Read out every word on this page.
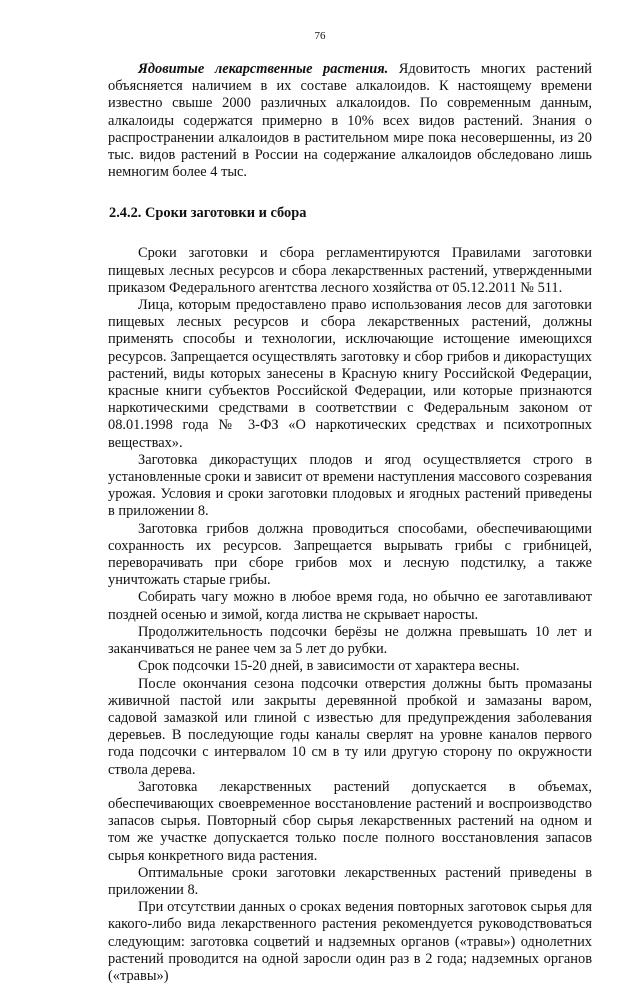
76

Ядовитые лекарственные растения. Ядовитость многих растений объясняется наличием в их составе алкалоидов. К настоящему времени известно свыше 2000 различных алкалоидов. По современным данным, алкалоиды содержатся примерно в 10% всех видов растений. Знания о распространении алкалоидов в растительном мире пока несовершенны, из 20 тыс. видов растений в России на содержание алкалоидов обследовано лишь немногим более 4 тыс.

2.4.2. Сроки заготовки и сбора

Сроки заготовки и сбора регламентируются Правилами заготовки пищевых лесных ресурсов и сбора лекарственных растений, утвержденными приказом Федерального агентства лесного хозяйства от 05.12.2011 № 511.

Лица, которым предоставлено право использования лесов для заготовки пищевых лесных ресурсов и сбора лекарственных растений, должны применять способы и технологии, исключающие истощение имеющихся ресурсов. Запрещается осуществлять заготовку и сбор грибов и дикорастущих растений, виды которых занесены в Красную книгу Российской Федерации, красные книги субъектов Российской Федерации, или которые признаются наркотическими средствами в соответствии с Федеральным законом от 08.01.1998 года № 3-ФЗ «О наркотических средствах и психотропных веществах».

Заготовка дикорастущих плодов и ягод осуществляется строго в установленные сроки и зависит от времени наступления массового созревания урожая. Условия и сроки заготовки плодовых и ягодных растений приведены в приложении 8.

Заготовка грибов должна проводиться способами, обеспечивающими сохранность их ресурсов. Запрещается вырывать грибы с грибницей, переворачивать при сборе грибов мох и лесную подстилку, а также уничтожать старые грибы.

Собирать чагу можно в любое время года, но обычно ее заготавливают поздней осенью и зимой, когда листва не скрывает наросты.

Продолжительность подсочки берёзы не должна превышать 10 лет и заканчиваться не ранее чем за 5 лет до рубки.

Срок подсочки 15-20 дней, в зависимости от характера весны.

После окончания сезона подсочки отверстия должны быть промазаны живичной пастой или закрыты деревянной пробкой и замазаны варом, садовой замазкой или глиной с известью для предупреждения заболевания деревьев. В последующие годы каналы сверлят на уровне каналов первого года подсочки с интервалом 10 см в ту или другую сторону по окружности ствола дерева.

Заготовка лекарственных растений допускается в объемах, обеспечивающих своевременное восстановление растений и воспроизводство запасов сырья. Повторный сбор сырья лекарственных растений на одном и том же участке допускается только после полного восстановления запасов сырья конкретного вида растения.

Оптимальные сроки заготовки лекарственных растений приведены в приложении 8.

При отсутствии данных о сроках ведения повторных заготовок сырья для какого-либо вида лекарственного растения рекомендуется руководствоваться следующим: заготовка соцветий и надземных органов («травы») однолетних растений проводится на одной заросли один раз в 2 года; надземных органов («травы»)
